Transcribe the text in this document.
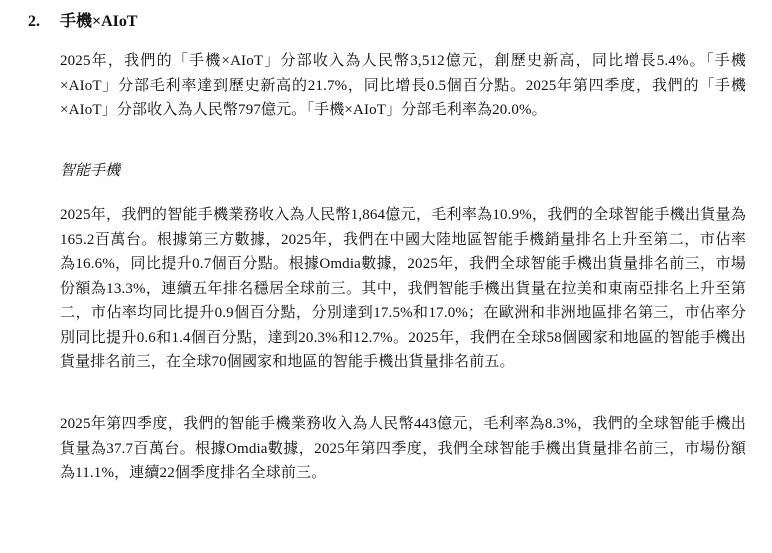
2. 手機×AIoT

2025年，我們的「手機×AIoT」分部收入為人民幣3,512億元，創歷史新高，同比增長5.4%。「手機×AIoT」分部毛利率達到歷史新高的21.7%，同比增長0.5個百分點。2025年第四季度，我們的「手機×AIoT」分部收入為人民幣797億元。「手機×AIoT」分部毛利率為20.0%。

智能手機

2025年，我們的智能手機業務收入為人民幣1,864億元，毛利率為10.9%，我們的全球智能手機出貨量為165.2百萬台。根據第三方數據，2025年，我們在中國大陸地區智能手機銷量排名上升至第二，市佔率為16.6%，同比提升0.7個百分點。根據Omdia數據，2025年，我們全球智能手機出貨量排名前三，市場份額為13.3%，連續五年排名穩居全球前三。其中，我們智能手機出貨量在拉美和東南亞排名上升至第二，市佔率均同比提升0.9個百分點，分別達到17.5%和17.0%；在歐洲和非洲地區排名第三，市佔率分別同比提升0.6和1.4個百分點，達到20.3%和12.7%。2025年，我們在全球58個國家和地區的智能手機出貨量排名前三，在全球70個國家和地區的智能手機出貨量排名前五。

2025年第四季度，我們的智能手機業務收入為人民幣443億元，毛利率為8.3%，我們的全球智能手機出貨量為37.7百萬台。根據Omdia數據，2025年第四季度，我們全球智能手機出貨量排名前三，市場份額為11.1%，連續22個季度排名全球前三。
